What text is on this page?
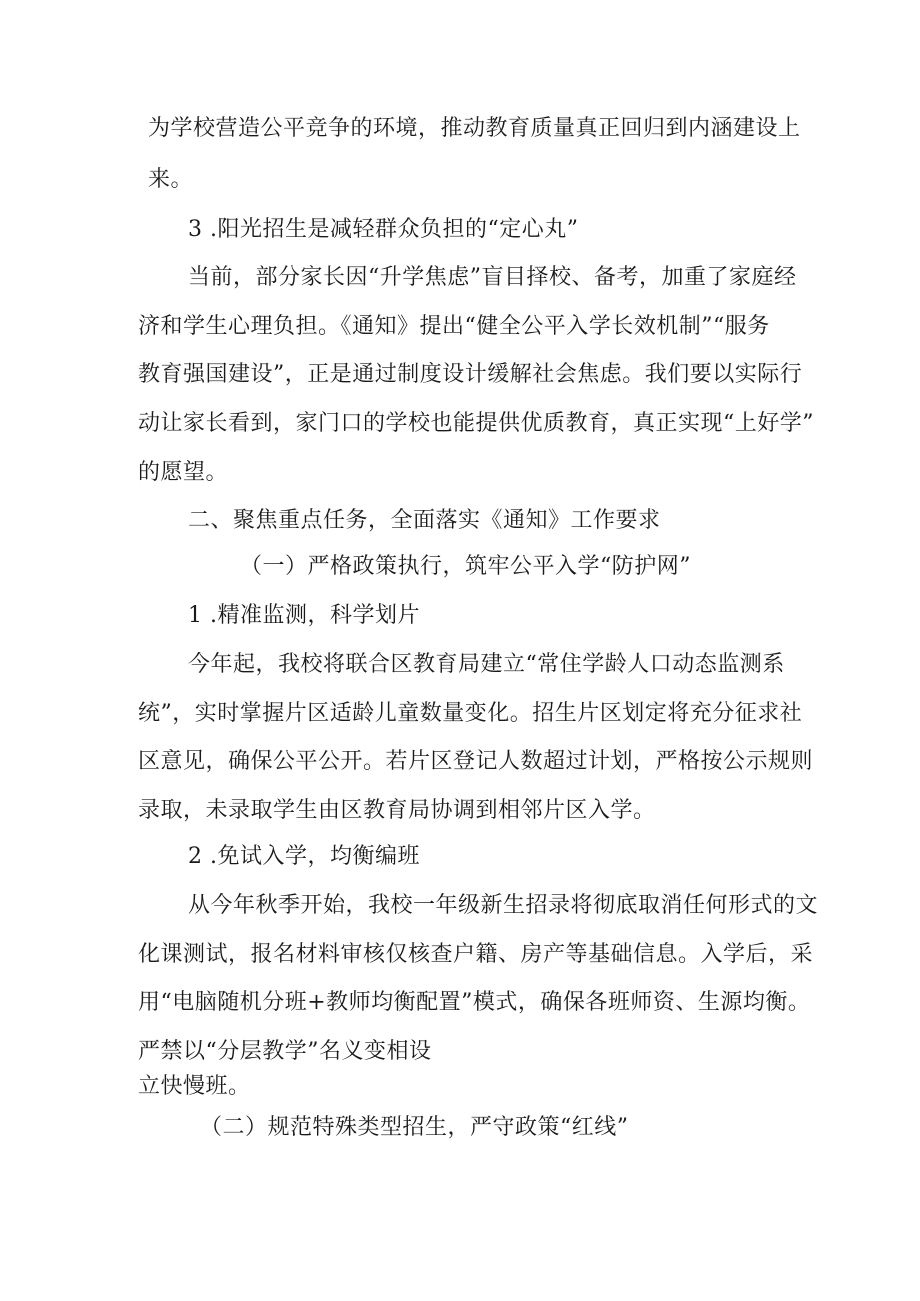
为学校营造公平竞争的环境，推动教育质量真正回归到内涵建设上
来。
3 .阳光招生是减轻群众负担的“定心丸”
当前，部分家长因“升学焦虑”盲目择校、备考，加重了家庭经
济和学生心理负担。《通知》提出“健全公平入学长效机制”“服务
教育强国建设”，正是通过制度设计缓解社会焦虑。我们要以实际行
动让家长看到，家门口的学校也能提供优质教育，真正实现“上好学”
的愿望。
二、聚焦重点任务，全面落实《通知》工作要求
（一）严格政策执行，筑牢公平入学“防护网”
1 .精准监测，科学划片
今年起，我校将联合区教育局建立“常住学龄人口动态监测系
统”，实时掌握片区适龄儿童数量变化。招生片区划定将充分征求社
区意见，确保公平公开。若片区登记人数超过计划，严格按公示规则
录取，未录取学生由区教育局协调到相邻片区入学。
2 .免试入学，均衡编班
从今年秋季开始，我校一年级新生招录将彻底取消任何形式的文
化课测试，报名材料审核仅核查户籍、房产等基础信息。入学后，采
用“电脑随机分班+教师均衡配置”模式，确保各班师资、生源均衡。
严禁以“分层教学”名义变相设
立快慢班。
（二）规范特殊类型招生，严守政策“红线”
